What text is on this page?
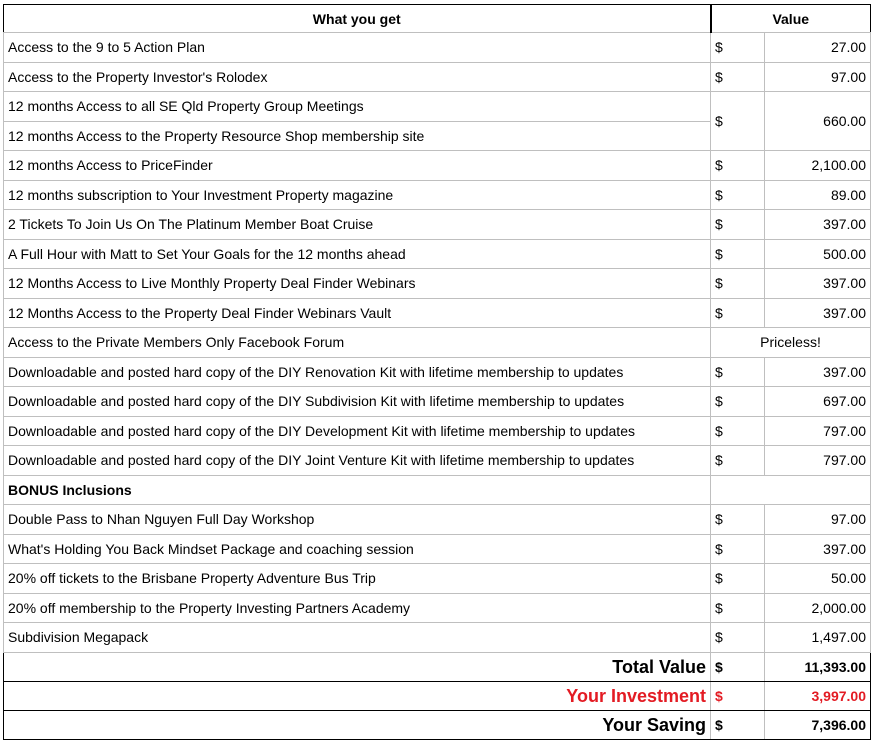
What you get	Value	
Access to the 9 to 5 Action Plan	$	27.00
Access to the Property Investor's Rolodex	$	97.00
12 months Access to all SE Qld Property Group Meetings	$	660.00
12 months Access to the Property Resource Shop membership site		
12 months Access to PriceFinder	$	2,100.00
12 months subscription to Your Investment Property magazine	$	89.00
2 Tickets To Join Us On The Platinum Member Boat Cruise	$	397.00
A Full Hour with Matt to Set Your Goals for the 12 months ahead	$	500.00
12 Months Access to Live Monthly Property Deal Finder Webinars	$	397.00
12 Months Access to the Property Deal Finder Webinars Vault	$	397.00
Access to the Private Members Only Facebook Forum	Priceless!	
Downloadable and posted hard copy of the DIY Renovation Kit with lifetime membership to updates	$	397.00
Downloadable and posted hard copy of the DIY Subdivision Kit with lifetime membership to updates	$	697.00
Downloadable and posted hard copy of the DIY Development Kit with lifetime membership to updates	$	797.00
Downloadable and posted hard copy of the DIY Joint Venture Kit with lifetime membership to updates	$	797.00
BONUS Inclusions		
Double Pass to Nhan Nguyen Full Day Workshop	$	97.00
What's Holding You Back Mindset Package and coaching session	$	397.00
20% off tickets to the Brisbane Property Adventure Bus Trip	$	50.00
20% off membership to the Property Investing Partners Academy	$	2,000.00
Subdivision Megapack	$	1,497.00
Total Value	$	11,393.00
Your Investment	$	3,997.00
Your Saving	$	7,396.00
